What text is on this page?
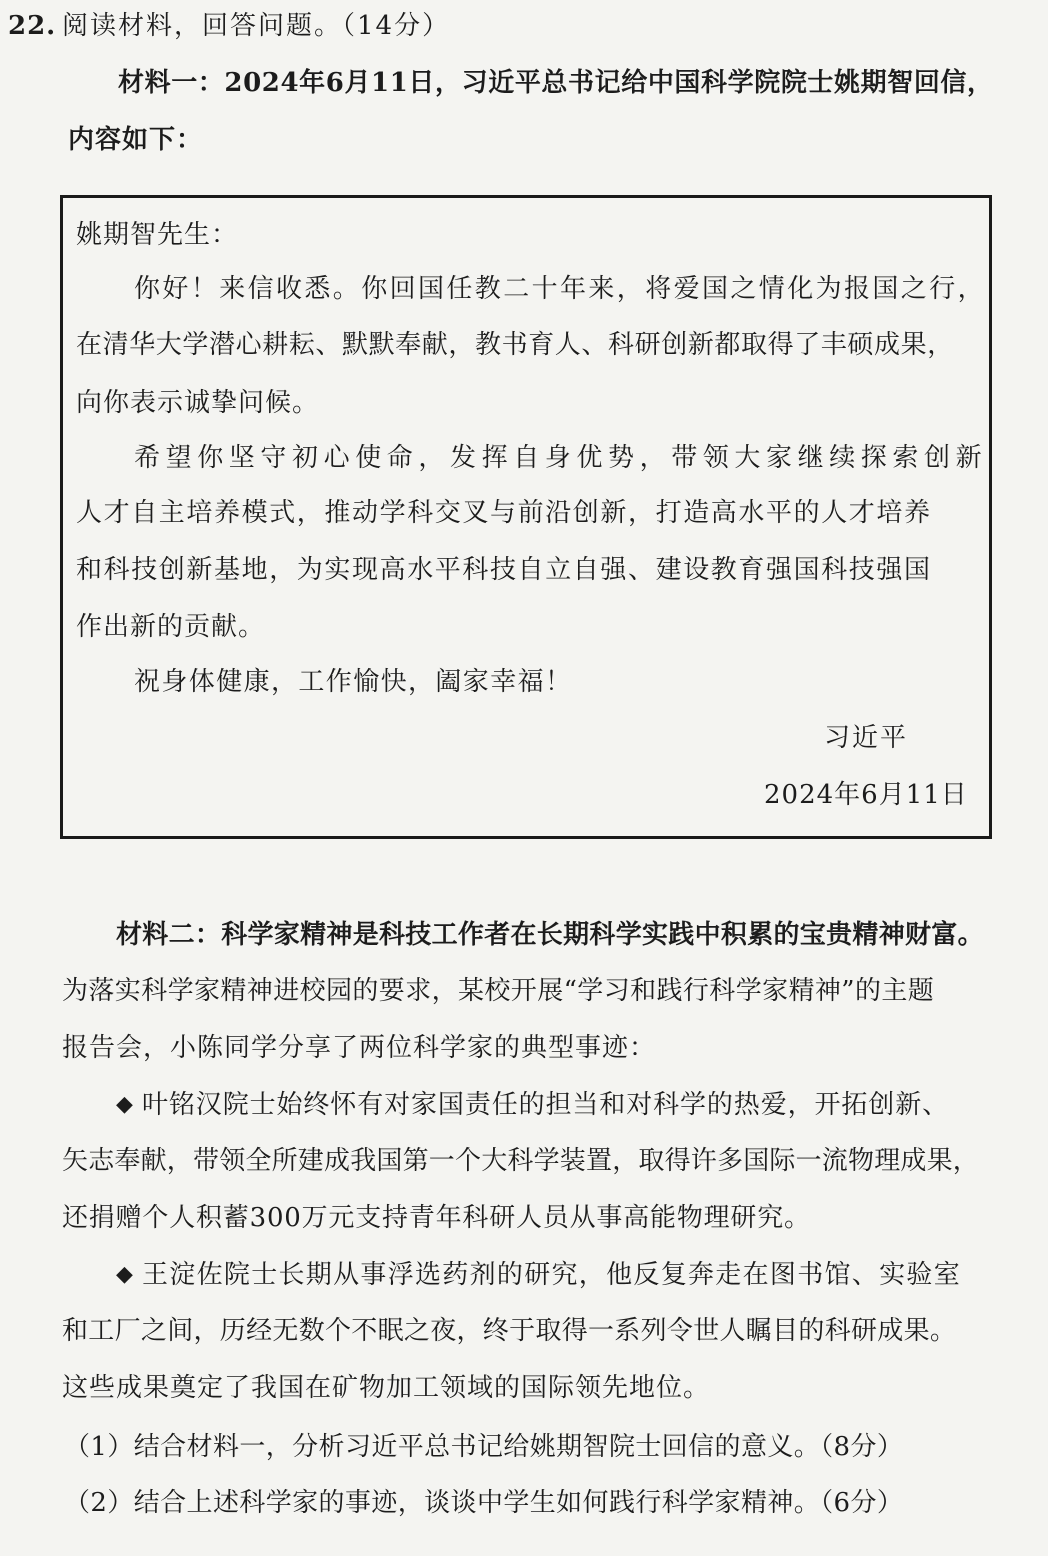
22. 阅读材料，回答问题。（14分）
材料一：2024年6月11日，习近平总书记给中国科学院院士姚期智回信，
内容如下：
姚期智先生：
你好！来信收悉。你回国任教二十年来，将爱国之情化为报国之行，
在清华大学潜心耕耘、默默奉献，教书育人、科研创新都取得了丰硕成果，
向你表示诚挚问候。
希望你坚守初心使命，发挥自身优势，带领大家继续探索创新
人才自主培养模式，推动学科交叉与前沿创新，打造高水平的人才培养
和科技创新基地，为实现高水平科技自立自强、建设教育强国科技强国
作出新的贡献。
祝身体健康，工作愉快，阖家幸福！
习近平
2024年6月11日
材料二：科学家精神是科技工作者在长期科学实践中积累的宝贵精神财富。
为落实科学家精神进校园的要求，某校开展“学习和践行科学家精神”的主题
报告会，小陈同学分享了两位科学家的典型事迹：
◆ 叶铭汉院士始终怀有对家国责任的担当和对科学的热爱，开拓创新、
矢志奉献，带领全所建成我国第一个大科学装置，取得许多国际一流物理成果，
还捐赠个人积蓄300万元支持青年科研人员从事高能物理研究。
◆ 王淀佐院士长期从事浮选药剂的研究，他反复奔走在图书馆、实验室
和工厂之间，历经无数个不眠之夜，终于取得一系列令世人瞩目的科研成果。
这些成果奠定了我国在矿物加工领域的国际领先地位。
（1）结合材料一，分析习近平总书记给姚期智院士回信的意义。（8分）
（2）结合上述科学家的事迹，谈谈中学生如何践行科学家精神。（6分）
